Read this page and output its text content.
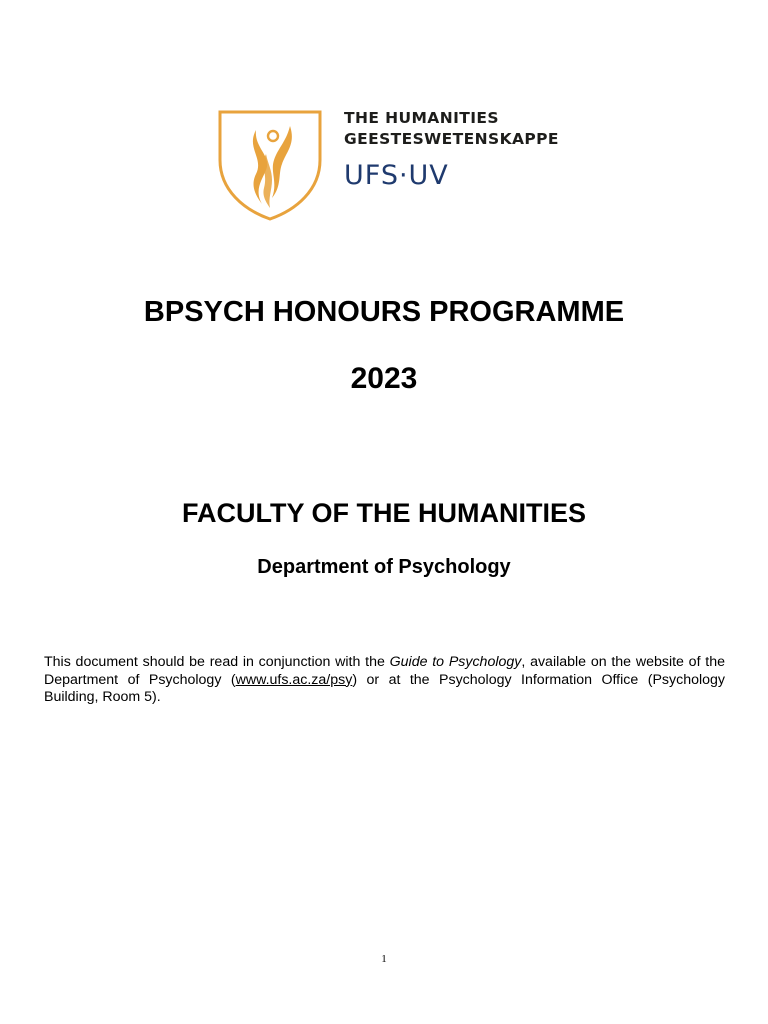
THE HUMANITIES
GEESTESWETENSKAPPE
UFS·UV
BPSYCH HONOURS PROGRAMME
2023
FACULTY OF THE HUMANITIES
Department of Psychology

This document should be read in conjunction with the Guide to Psychology, available on the website of the Department of Psychology (www.ufs.ac.za/psy) or at the Psychology Information Office (Psychology Building, Room 5).

1
